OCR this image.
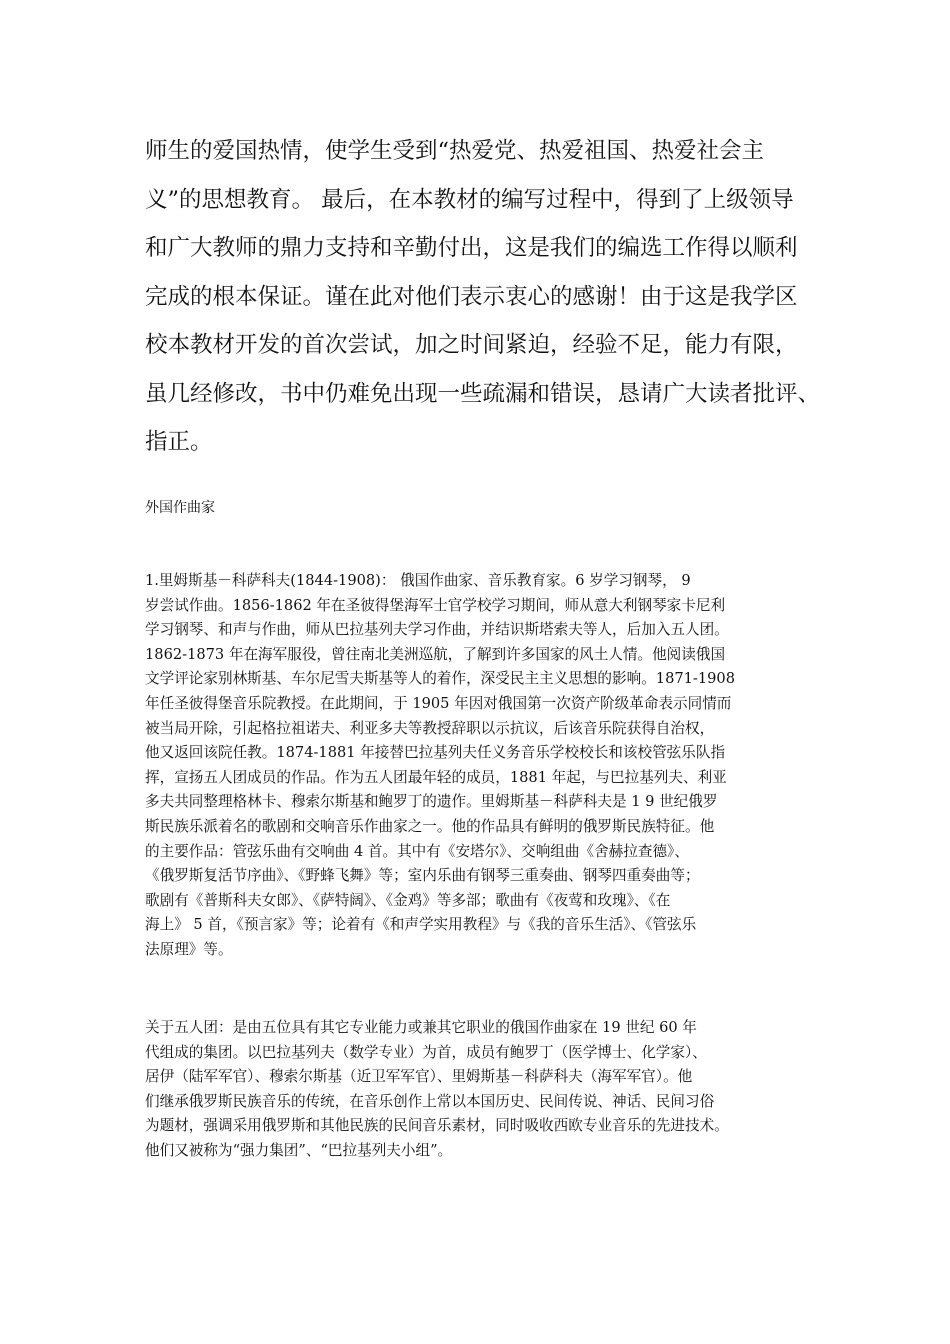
师生的爱国热情，使学生受到“热爱党、热爱祖国、热爱社会主
义”的思想教育。 最后，在本教材的编写过程中，得到了上级领导
和广大教师的鼎力支持和辛勤付出，这是我们的编选工作得以顺利
完成的根本保证。谨在此对他们表示衷心的感谢！由于这是我学区
校本教材开发的首次尝试，加之时间紧迫，经验不足，能力有限，
虽几经修改，书中仍难免出现一些疏漏和错误，恳请广大读者批评、
指正。
外国作曲家
1.里姆斯基－科萨科夫(1844-1908)： 俄国作曲家、音乐教育家。6 岁学习钢琴， 9
岁尝试作曲。1856-1862 年在圣彼得堡海军士官学校学习期间，师从意大利钢琴家卡尼利
学习钢琴、和声与作曲，师从巴拉基列夫学习作曲，并结识斯塔索夫等人，后加入五人团。
1862-1873 年在海军服役，曾往南北美洲巡航，了解到许多国家的风土人情。他阅读俄国
文学评论家别林斯基、车尔尼雪夫斯基等人的着作，深受民主主义思想的影响。1871-1908
年任圣彼得堡音乐院教授。在此期间，于 1905 年因对俄国第一次资产阶级革命表示同情而
被当局开除，引起格拉祖诺夫、利亚多夫等教授辞职以示抗议，后该音乐院获得自治权，
他又返回该院任教。1874-1881 年接替巴拉基列夫任义务音乐学校校长和该校管弦乐队指
挥，宣扬五人团成员的作品。作为五人团最年轻的成员，1881 年起，与巴拉基列夫、利亚
多夫共同整理格林卡、穆索尔斯基和鲍罗丁的遗作。里姆斯基－科萨科夫是 1 9 世纪俄罗
斯民族乐派着名的歌剧和交响音乐作曲家之一。他的作品具有鲜明的俄罗斯民族特征。他
的主要作品：管弦乐曲有交响曲 4 首。其中有《安塔尔》、交响组曲《舍赫拉查德》、
《俄罗斯复活节序曲》、《野蜂飞舞》等；室内乐曲有钢琴三重奏曲、钢琴四重奏曲等；
歌剧有《普斯科夫女郎》、《萨特阔》、《金鸡》等多部；歌曲有《夜莺和玫瑰》、《在
海上》 5 首，《预言家》等；论着有《和声学实用教程》与《我的音乐生活》、《管弦乐
法原理》等。
关于五人团：是由五位具有其它专业能力或兼其它职业的俄国作曲家在 19 世纪 60 年
代组成的集团。以巴拉基列夫（数学专业）为首，成员有鲍罗丁（医学博士、化学家）、
居伊（陆军军官）、穆索尔斯基（近卫军军官）、里姆斯基－科萨科夫（海军军官）。他
们继承俄罗斯民族音乐的传统，在音乐创作上常以本国历史、民间传说、神话、民间习俗
为题材，强调采用俄罗斯和其他民族的民间音乐素材，同时吸收西欧专业音乐的先进技术。
他们又被称为“强力集团”、“巴拉基列夫小组”。
